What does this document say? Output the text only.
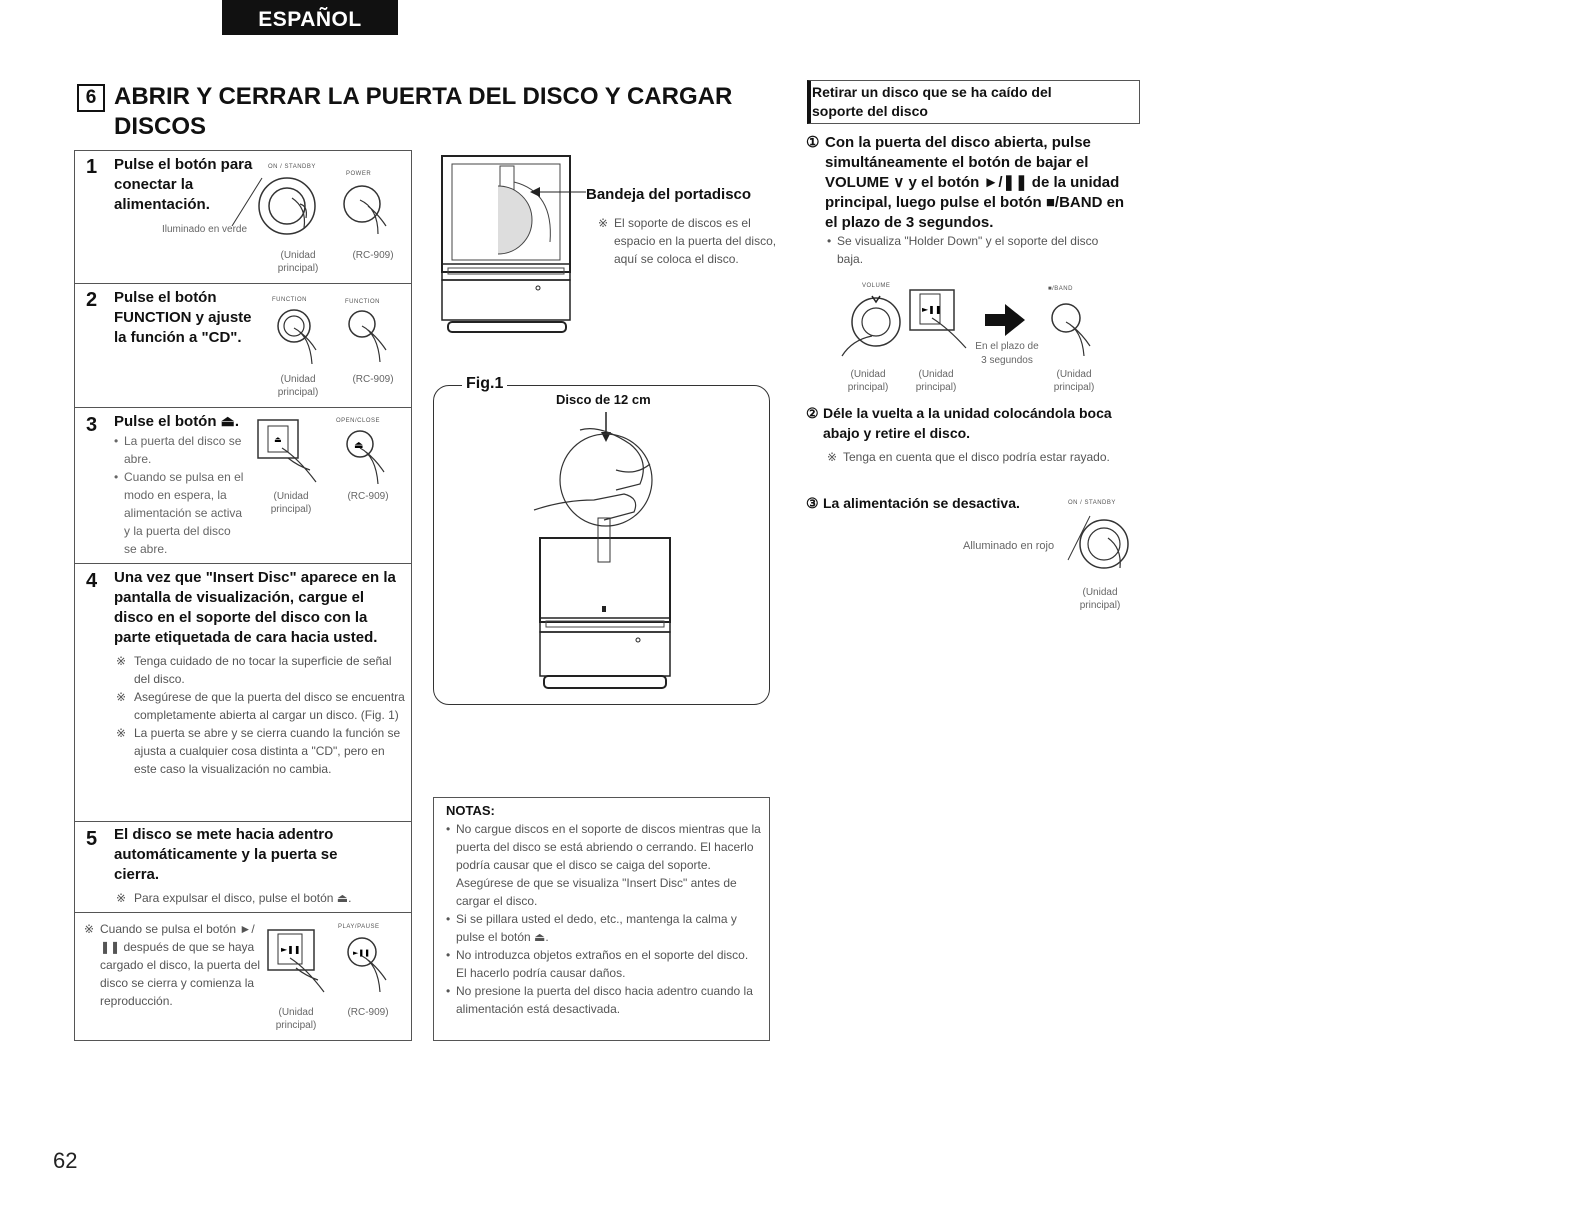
ESPAÑOL
6 ABRIR Y CERRAR LA PUERTA DEL DISCO Y CARGAR DISCOS
1 Pulse el botón para conectar la alimentación.
Iluminado en verde
ON / STANDBY
POWER
(Unidad principal)
(RC-909)
2 Pulse el botón FUNCTION y ajuste la función a "CD".
FUNCTION	FUNCTION
(Unidad principal)
(RC-909)
3 Pulse el botón ⏏.
• La puerta del disco se abre.
• Cuando se pulsa en el modo en espera, la alimentación se activa y la puerta del disco se abre.
OPEN/CLOSE
⏏
⏏
(Unidad principal)
(RC-909)
4 Una vez que "Insert Disc" aparece en la pantalla de visualización, cargue el disco en el soporte del disco con la parte etiquetada de cara hacia usted.
※ Tenga cuidado de no tocar la superficie de señal del disco.
※ Asegúrese de que la puerta del disco se encuentra completamente abierta al cargar un disco. (Fig. 1)
※ La puerta se abre y se cierra cuando la función se ajusta a cualquier cosa distinta a "CD", pero en este caso la visualización no cambia.
5 El disco se mete hacia adentro automáticamente y la puerta se cierra.
※ Para expulsar el disco, pulse el botón ⏏.
※ Cuando se pulsa el botón ►/❚❚ después de que se haya cargado el disco, la puerta del disco se cierra y comienza la reproducción.
PLAY/PAUSE
►❚❚	►❚❚
(Unidad principal)
(RC-909)
Bandeja del portadisco
※ El soporte de discos es el espacio en la puerta del disco, aquí se coloca el disco.
Fig.1
Disco de 12 cm
NOTAS:
• No cargue discos en el soporte de discos mientras que la puerta del disco se está abriendo o cerrando. El hacerlo podría causar que el disco se caiga del soporte. Asegúrese de que se visualiza "Insert Disc" antes de cargar el disco.
• Si se pillara usted el dedo, etc., mantenga la calma y pulse el botón ⏏.
• No introduzca objetos extraños en el soporte del disco. El hacerlo podría causar daños.
• No presione la puerta del disco hacia adentro cuando la alimentación está desactivada.
Retirar un disco que se ha caído del soporte del disco
① Con la puerta del disco abierta, pulse simultáneamente el botón de bajar el VOLUME ∨ y el botón ►/❚❚ de la unidad principal, luego pulse el botón ■/BAND en el plazo de 3 segundos.
• Se visualiza "Holder Down" y el soporte del disco baja.
VOLUME	■/BAND
►❚❚
(Unidad principal)
(Unidad principal)
En el plazo de 3 segundos
(Unidad principal)
② Déle la vuelta a la unidad colocándola boca abajo y retire el disco.
※ Tenga en cuenta que el disco podría estar rayado.
③ La alimentación se desactiva.	ON / STANDBY
Alluminado en rojo
(Unidad principal)
62
